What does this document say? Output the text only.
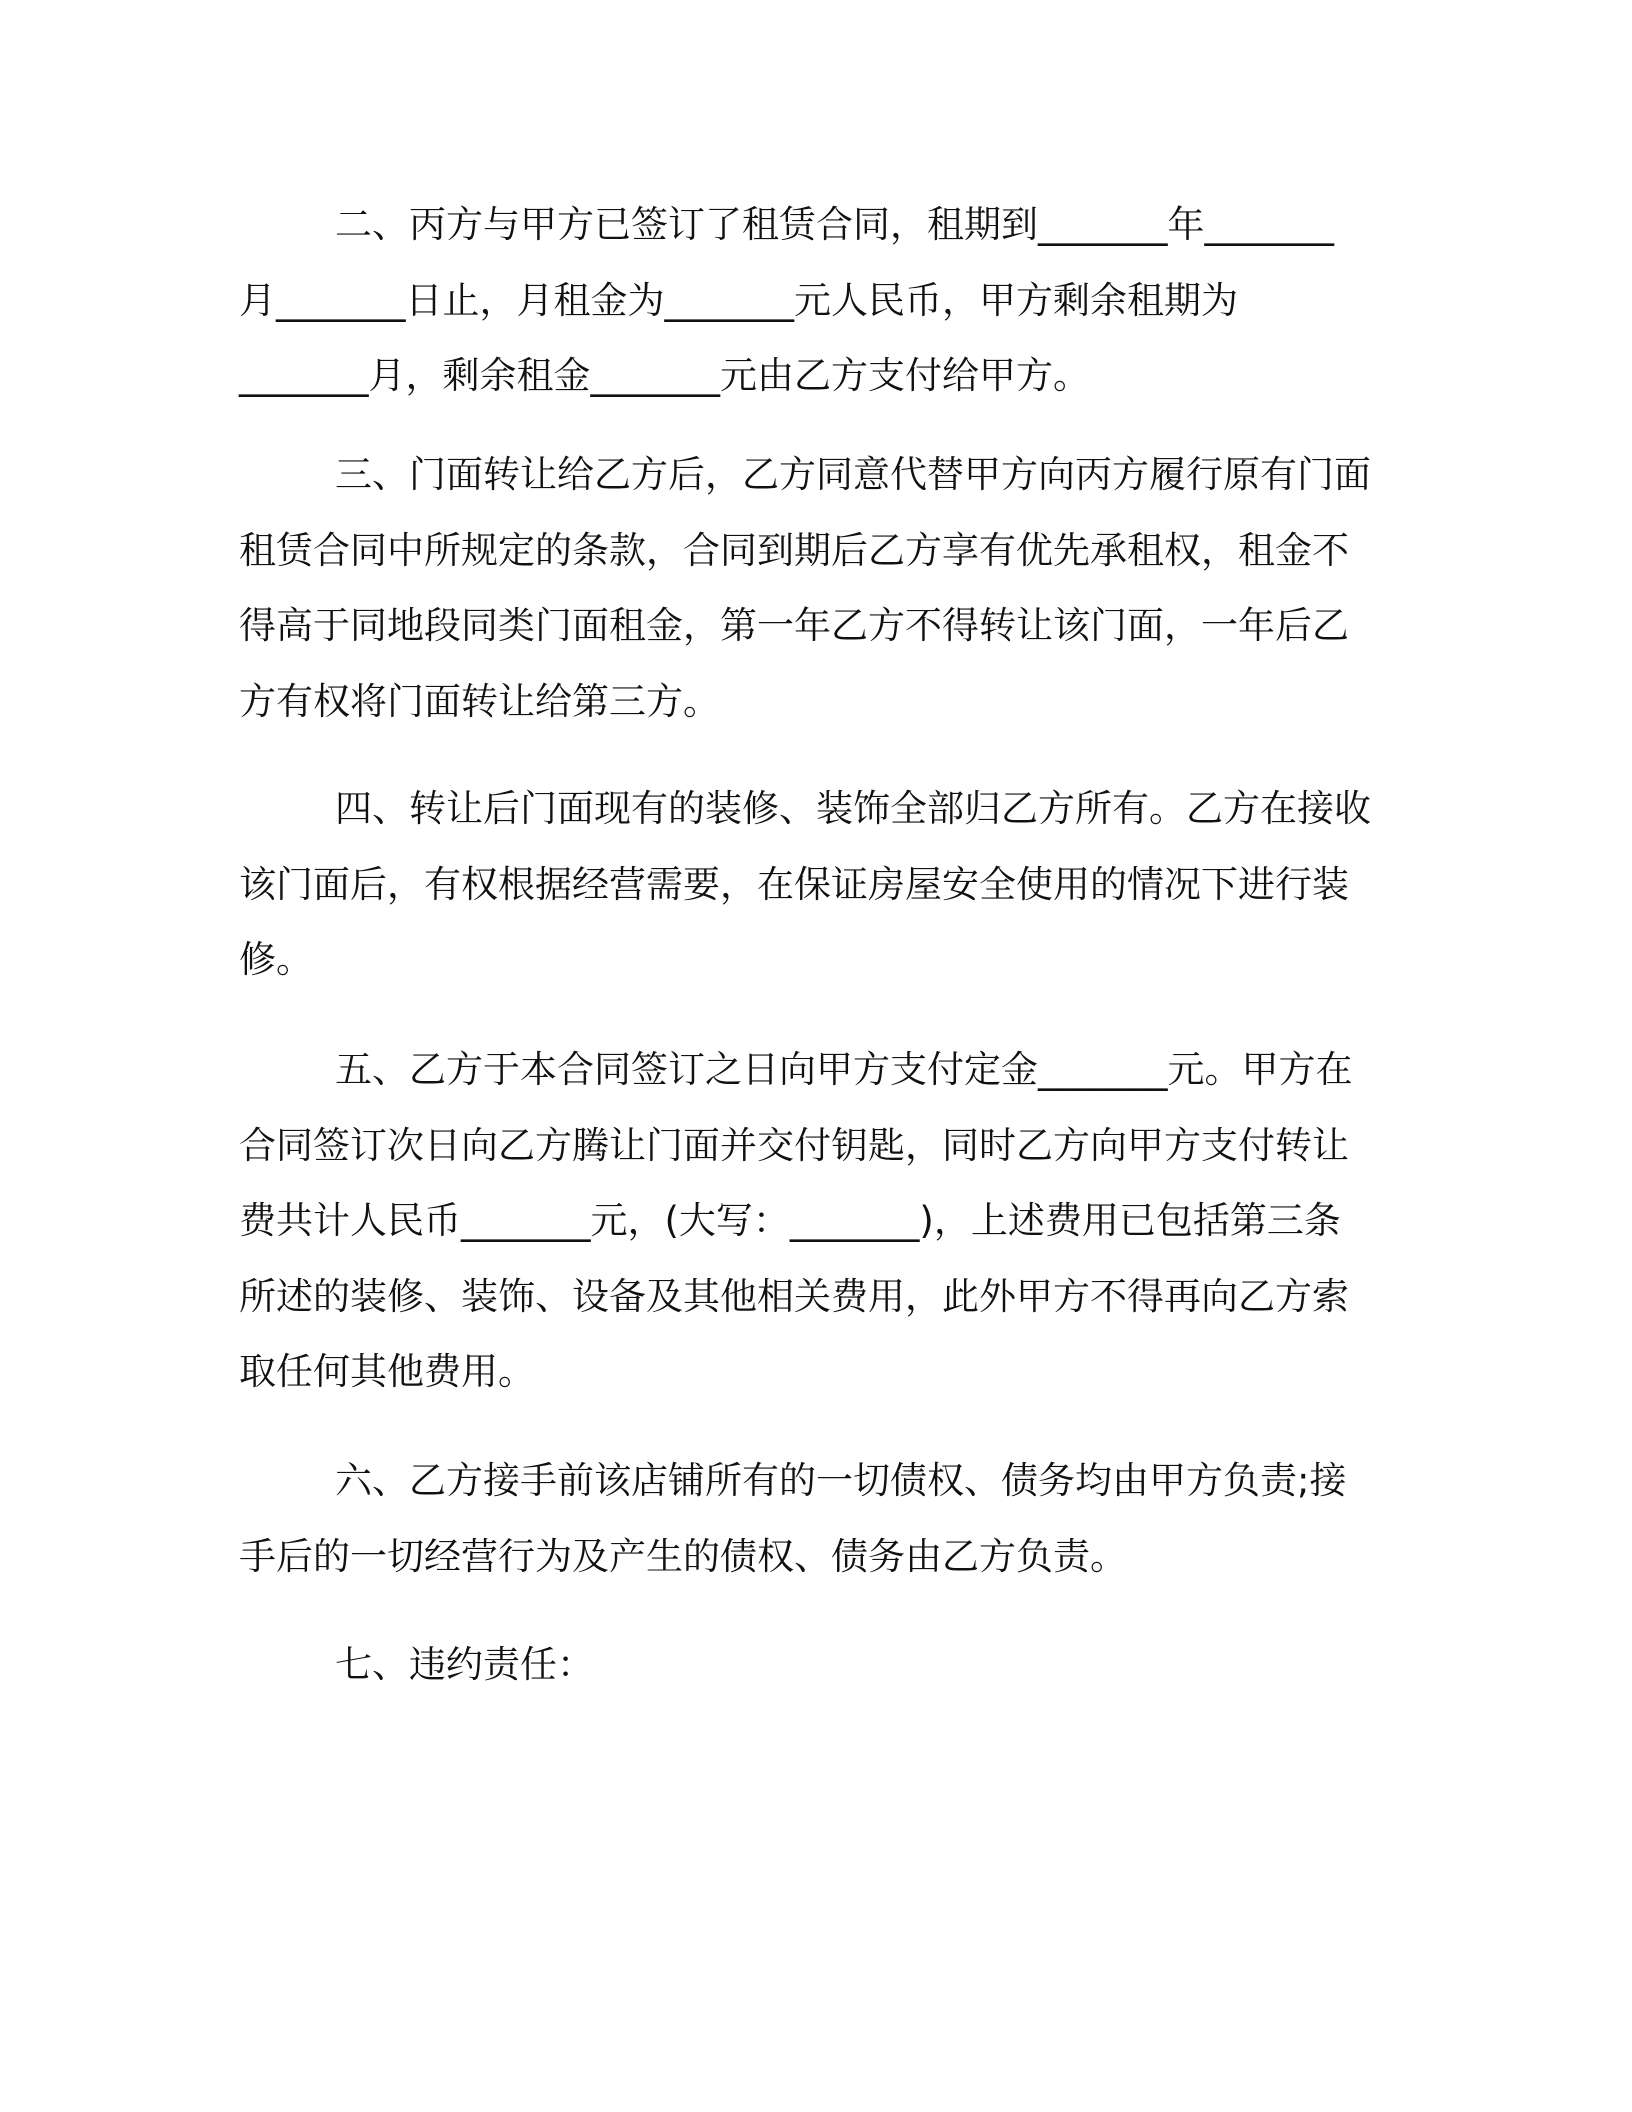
二、丙方与甲方已签订了租赁合同，租期到_______年_______
月_______日止，月租金为_______元人民币，甲方剩余租期为
_______月，剩余租金_______元由乙方支付给甲方。

三、门面转让给乙方后，乙方同意代替甲方向丙方履行原有门面
租赁合同中所规定的条款，合同到期后乙方享有优先承租权，租金不
得高于同地段同类门面租金，第一年乙方不得转让该门面，一年后乙
方有权将门面转让给第三方。

四、转让后门面现有的装修、装饰全部归乙方所有。乙方在接收
该门面后，有权根据经营需要，在保证房屋安全使用的情况下进行装
修。

五、乙方于本合同签订之日向甲方支付定金_______元。甲方在
合同签订次日向乙方腾让门面并交付钥匙，同时乙方向甲方支付转让
费共计人民币_______元，(大写：_______)，上述费用已包括第三条
所述的装修、装饰、设备及其他相关费用，此外甲方不得再向乙方索
取任何其他费用。

六、乙方接手前该店铺所有的一切债权、债务均由甲方负责;接
手后的一切经营行为及产生的债权、债务由乙方负责。

七、违约责任：
